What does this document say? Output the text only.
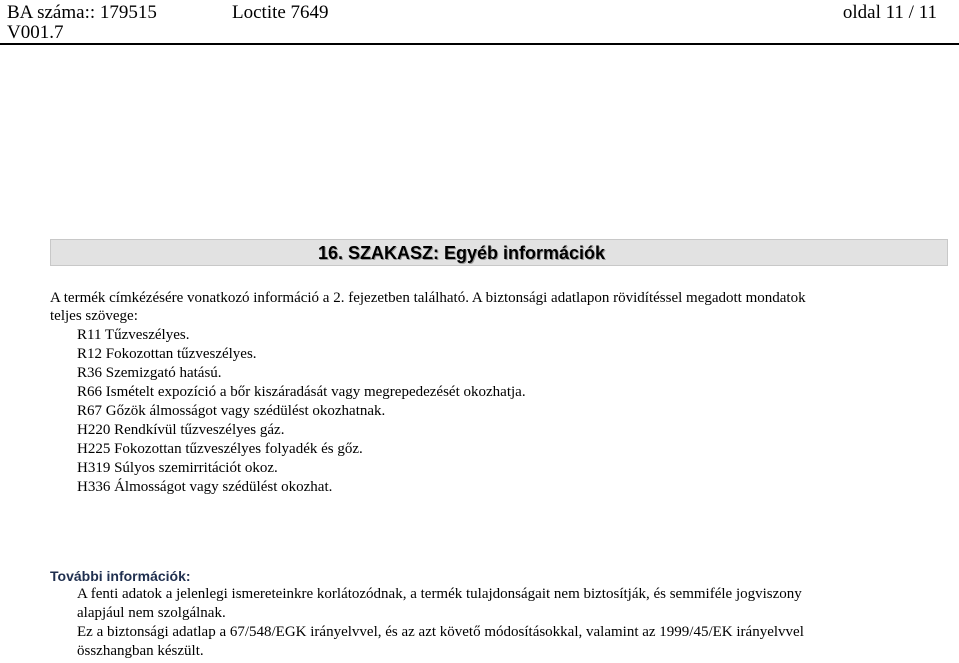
BA száma:: 179515	Loctite 7649	oldal 11 / 11
V001.7
16. SZAKASZ: Egyéb információk
A termék címkézésére vonatkozó információ a 2. fejezetben található. A biztonsági adatlapon rövidítéssel megadott mondatok
teljes szövege:
R11 Tűzveszélyes.
R12 Fokozottan tűzveszélyes.
R36 Szemizgató hatású.
R66 Ismételt expozíció a bőr kiszáradását vagy megrepedezését okozhatja.
R67 Gőzök álmosságot vagy szédülést okozhatnak.
H220 Rendkívül tűzveszélyes gáz.
H225 Fokozottan tűzveszélyes folyadék és gőz.
H319 Súlyos szemirritációt okoz.
H336 Álmosságot vagy szédülést okozhat.
További információk:
A fenti adatok a jelenlegi ismereteinkre korlátozódnak, a termék tulajdonságait nem biztosítják, és semmiféle jogviszony
alapjául nem szolgálnak.
Ez a biztonsági adatlap a 67/548/EGK irányelvvel, és az azt követő módosításokkal, valamint az 1999/45/EK irányelvvel
összhangban készült.
